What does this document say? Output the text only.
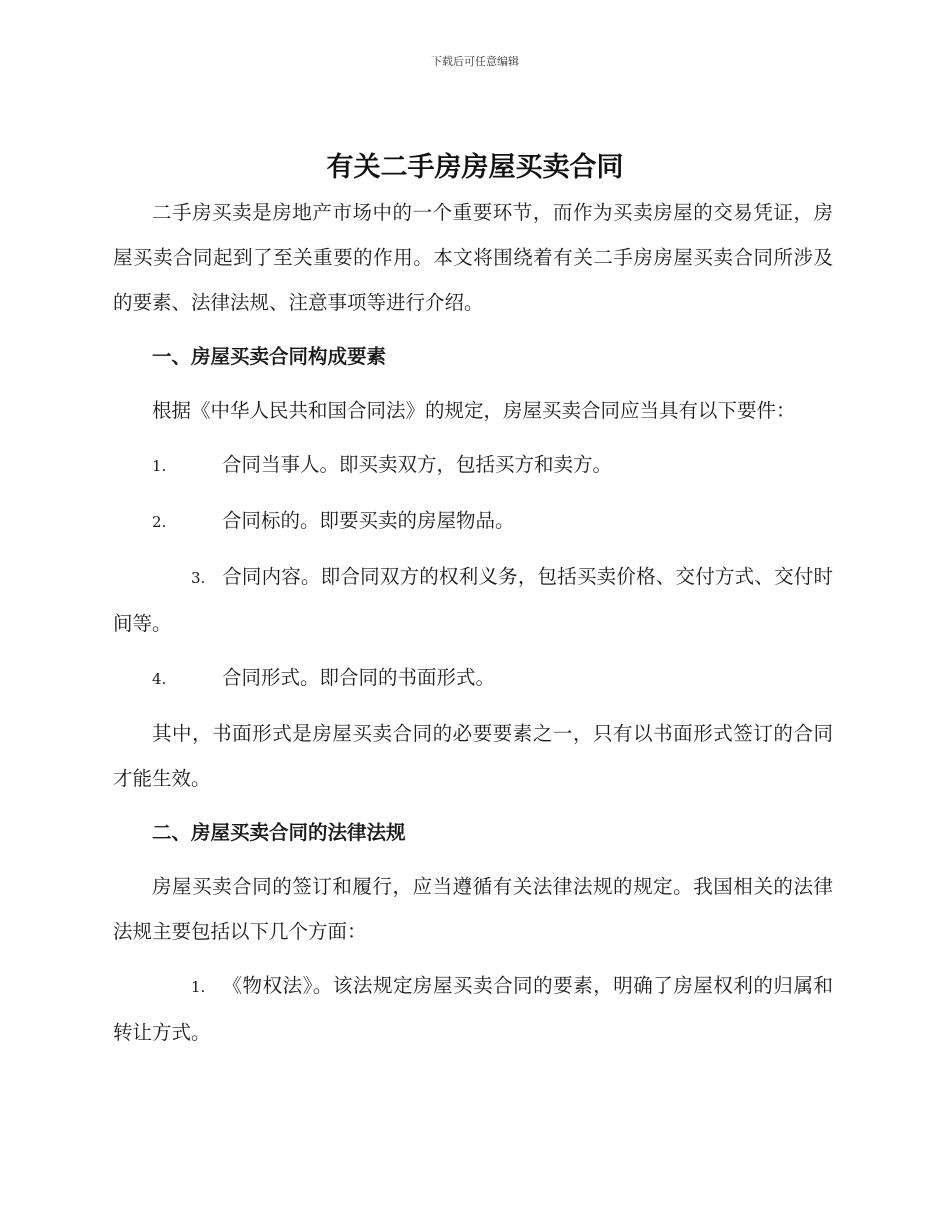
下载后可任意编辑
有关二手房房屋买卖合同

二手房买卖是房地产市场中的一个重要环节，而作为买卖房屋的交易凭证，房屋买卖合同起到了至关重要的作用。本文将围绕着有关二手房房屋买卖合同所涉及的要素、法律法规、注意事项等进行介绍。

一、房屋买卖合同构成要素

根据《中华人民共和国合同法》的规定，房屋买卖合同应当具有以下要件：

1.	合同当事人。即买卖双方，包括买方和卖方。

2.	合同标的。即要买卖的房屋物品。

3. 合同内容。即合同双方的权利义务，包括买卖价格、交付方式、交付时间等。

4.	合同形式。即合同的书面形式。

其中，书面形式是房屋买卖合同的必要要素之一，只有以书面形式签订的合同才能生效。

二、房屋买卖合同的法律法规

房屋买卖合同的签订和履行，应当遵循有关法律法规的规定。我国相关的法律法规主要包括以下几个方面：

1. 《物权法》。该法规定房屋买卖合同的要素，明确了房屋权利的归属和转让方式。
